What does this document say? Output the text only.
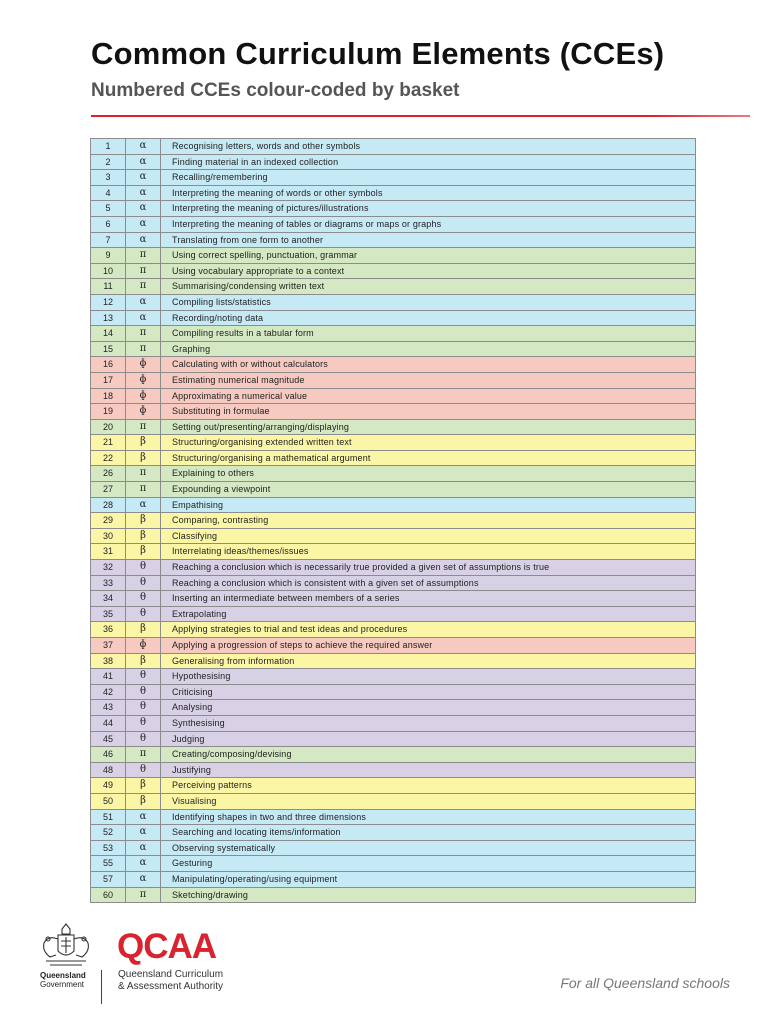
Common Curriculum Elements (CCEs)
Numbered CCEs colour-coded by basket
1	α	Recognising letters, words and other symbols
2	α	Finding material in an indexed collection
3	α	Recalling/remembering
4	α	Interpreting the meaning of words or other symbols
5	α	Interpreting the meaning of pictures/illustrations
6	α	Interpreting the meaning of tables or diagrams or maps or graphs
7	α	Translating from one form to another
9	π	Using correct spelling, punctuation, grammar
10	π	Using vocabulary appropriate to a context
11	π	Summarising/condensing written text
12	α	Compiling lists/statistics
13	α	Recording/noting data
14	π	Compiling results in a tabular form
15	π	Graphing
16	ɸ	Calculating with or without calculators
17	ɸ	Estimating numerical magnitude
18	ɸ	Approximating a numerical value
19	ɸ	Substituting in formulae
20	π	Setting out/presenting/arranging/displaying
21	β	Structuring/organising extended written text
22	β	Structuring/organising a mathematical argument
26	π	Explaining to others
27	π	Expounding a viewpoint
28	α	Empathising
29	β	Comparing, contrasting
30	β	Classifying
31	β	Interrelating ideas/themes/issues
32	θ	Reaching a conclusion which is necessarily true provided a given set of assumptions is true
33	θ	Reaching a conclusion which is consistent with a given set of assumptions
34	θ	Inserting an intermediate between members of a series
35	θ	Extrapolating
36	β	Applying strategies to trial and test ideas and procedures
37	ɸ	Applying a progression of steps to achieve the required answer
38	β	Generalising from information
41	θ	Hypothesising
42	θ	Criticising
43	θ	Analysing
44	θ	Synthesising
45	θ	Judging
46	π	Creating/composing/devising
48	θ	Justifying
49	β	Perceiving patterns
50	β	Visualising
51	α	Identifying shapes in two and three dimensions
52	α	Searching and locating items/information
53	α	Observing systematically
55	α	Gesturing
57	α	Manipulating/operating/using equipment
60	π	Sketching/drawing
Queensland
Government
QCAA
Queensland Curriculum
& Assessment Authority	For all Queensland schools
